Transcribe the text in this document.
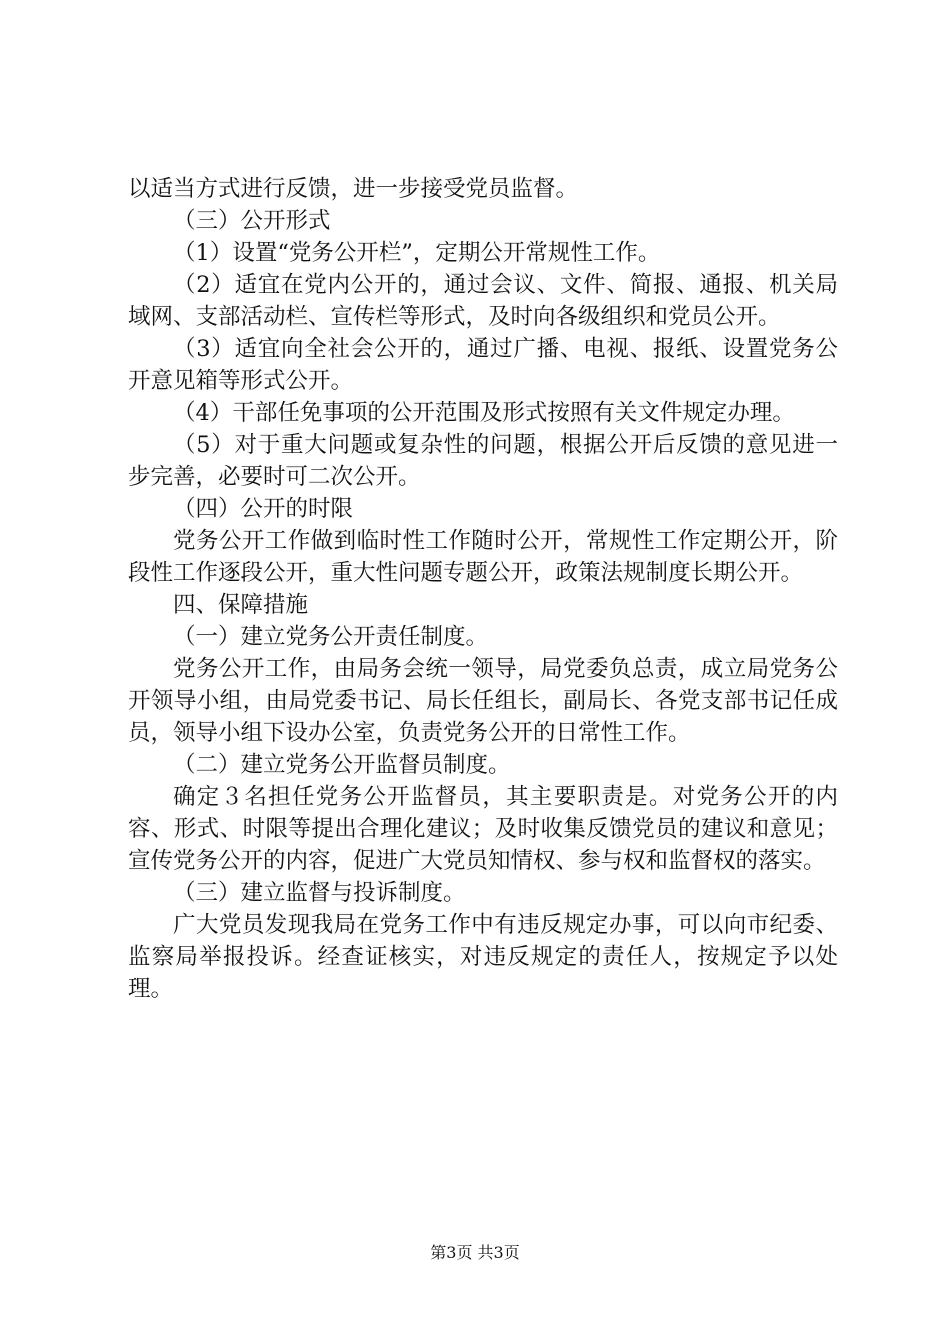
以适当方式进行反馈，进一步接受党员监督。

（三）公开形式

（1）设置“党务公开栏”，定期公开常规性工作。

（2）适宜在党内公开的，通过会议、文件、简报、通报、机关局域网、支部活动栏、宣传栏等形式，及时向各级组织和党员公开。

（3）适宜向全社会公开的，通过广播、电视、报纸、设置党务公开意见箱等形式公开。

（4）干部任免事项的公开范围及形式按照有关文件规定办理。

（5）对于重大问题或复杂性的问题，根据公开后反馈的意见进一步完善，必要时可二次公开。

（四）公开的时限

党务公开工作做到临时性工作随时公开，常规性工作定期公开，阶段性工作逐段公开，重大性问题专题公开，政策法规制度长期公开。

四、保障措施

（一）建立党务公开责任制度。

党务公开工作，由局务会统一领导，局党委负总责，成立局党务公开领导小组，由局党委书记、局长任组长，副局长、各党支部书记任成员，领导小组下设办公室，负责党务公开的日常性工作。

（二）建立党务公开监督员制度。

确定３名担任党务公开监督员，其主要职责是。对党务公开的内容、形式、时限等提出合理化建议；及时收集反馈党员的建议和意见；宣传党务公开的内容，促进广大党员知情权、参与权和监督权的落实。

（三）建立监督与投诉制度。

广大党员发现我局在党务工作中有违反规定办事，可以向市纪委、监察局举报投诉。经查证核实，对违反规定的责任人，按规定予以处理。

第3页 共3页
